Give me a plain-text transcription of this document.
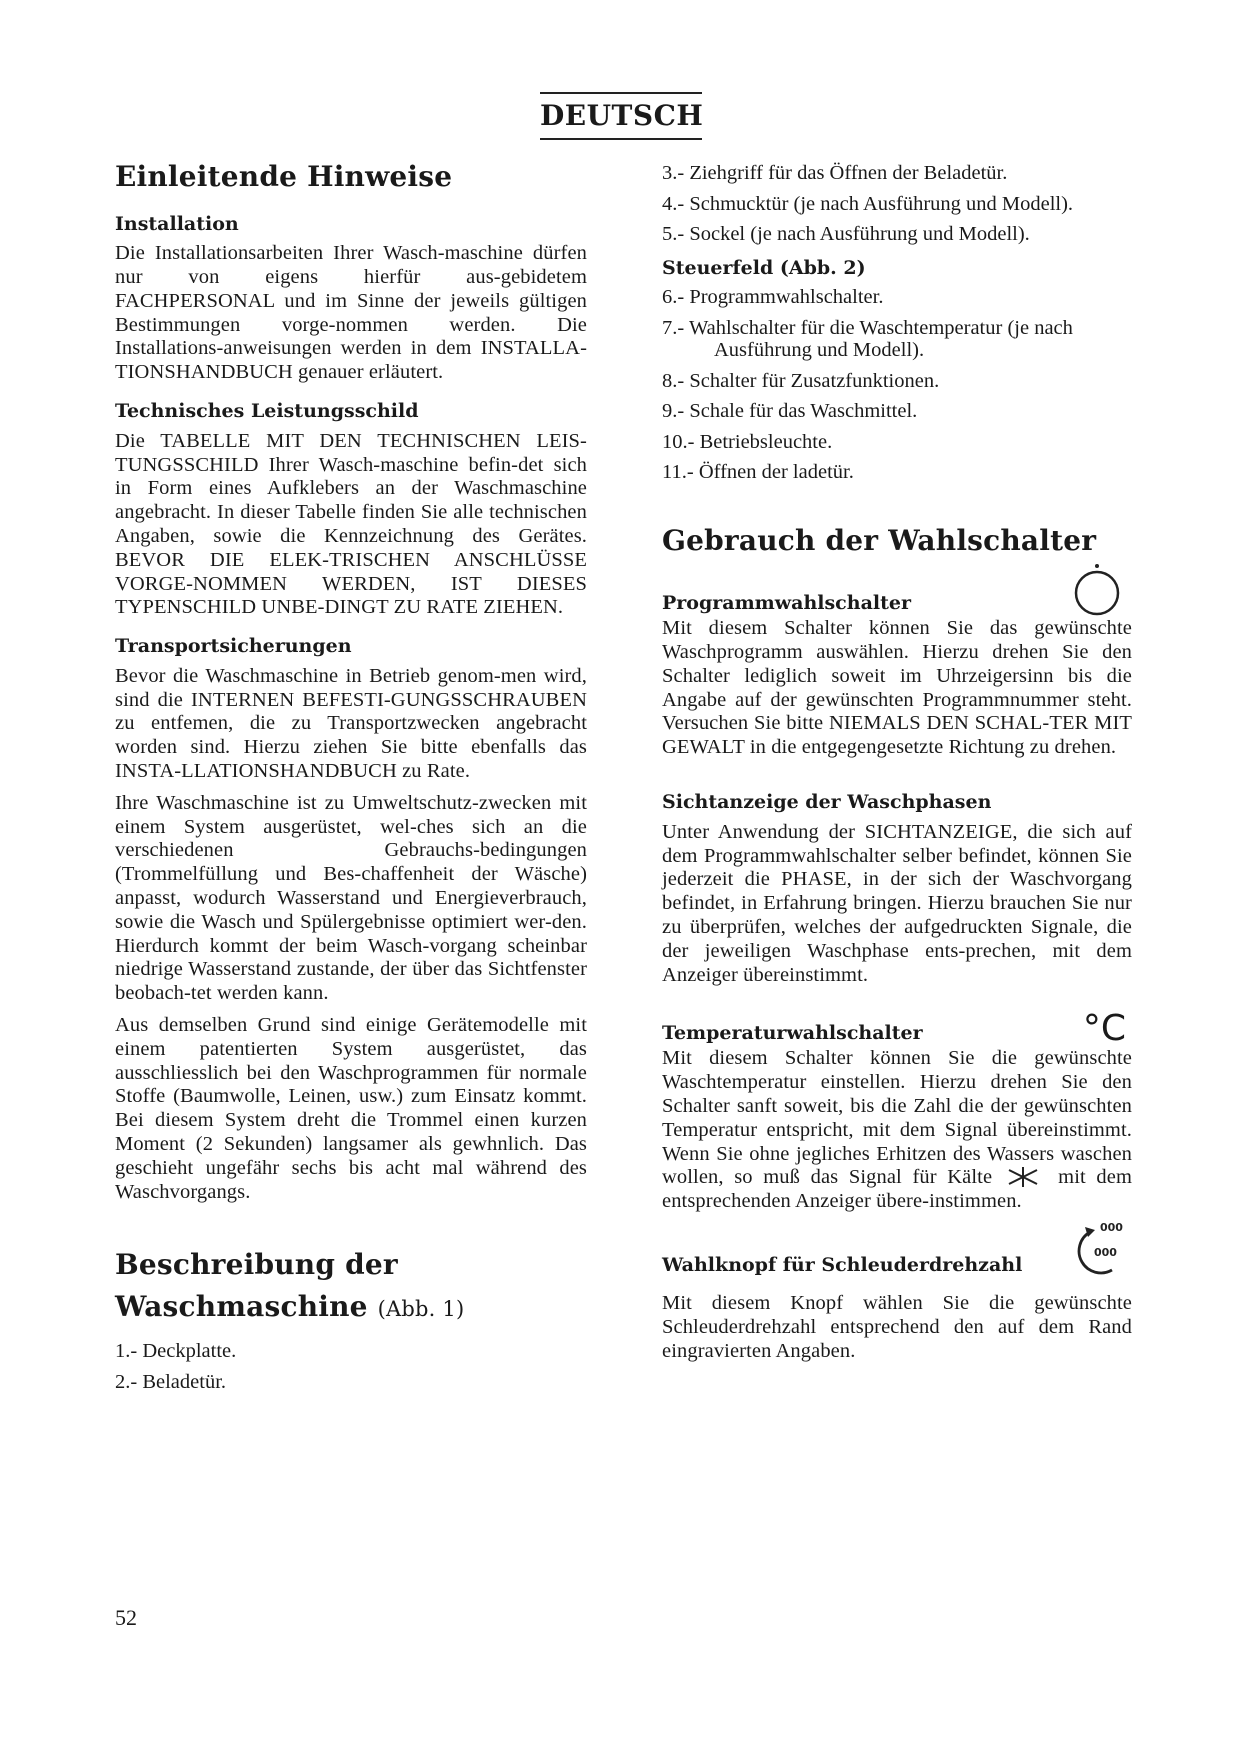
DEUTSCH
Einleitende Hinweise
Installation

Die Installationsarbeiten Ihrer Wasch-maschine dürfen nur von eigens hierfür aus-gebidetem FACHPERSONAL und im Sinne der jeweils gültigen Bestimmungen vorge-nommen werden. Die Installations-anweisungen werden in dem INSTALLA-TIONSHANDBUCH genauer erläutert.

Technisches Leistungsschild

Die TABELLE MIT DEN TECHNISCHEN LEIS-TUNGSSCHILD Ihrer Wasch-maschine befin-det sich in Form eines Aufklebers an der Waschmaschine angebracht. In dieser Tabelle finden Sie alle technischen Angaben, sowie die Kennzeichnung des Gerätes. BEVOR DIE ELEK-TRISCHEN ANSCHLÜSSE VORGE-NOMMEN WERDEN, IST DIESES TYPENSCHILD UNBE-DINGT ZU RATE ZIEHEN.

Transportsicherungen

Bevor die Waschmaschine in Betrieb genom-men wird, sind die INTERNEN BEFESTI-GUNGSSCHRAUBEN zu entfemen, die zu Transportzwecken angebracht worden sind. Hierzu ziehen Sie bitte ebenfalls das INSTA-LLATIONSHANDBUCH zu Rate.

Ihre Waschmaschine ist zu Umweltschutz-zwecken mit einem System ausgerüstet, wel-ches sich an die verschiedenen Gebrauchs-bedingungen (Trommelfüllung und Bes-chaffenheit der Wäsche) anpasst, wodurch Wasserstand und Energieverbrauch, sowie die Wasch und Spülergebnisse optimiert wer-den. Hierdurch kommt der beim Wasch-vorgang scheinbar niedrige Wasserstand zustande, der über das Sichtfenster beobach-tet werden kann.

Aus demselben Grund sind einige Gerätemodelle mit einem patentierten System ausgerüstet, das ausschliesslich bei den Waschprogrammen für normale Stoffe (Baumwolle, Leinen, usw.) zum Einsatz kommt. Bei diesem System dreht die Trommel einen kurzen Moment (2 Sekunden) langsamer als gewhnlich. Das geschieht ungefähr sechs bis acht mal während des Waschvorgangs.

Beschreibung der
Waschmaschine (Abb. 1)
1.- Deckplatte.
2.- Beladetür.
3.- Ziehgriff für das Öffnen der Beladetür.
4.- Schmucktür (je nach Ausführung und Modell).
5.- Sockel (je nach Ausführung und Modell).
Steuerfeld (Abb. 2)
6.- Programmwahlschalter.
7.- Wahlschalter für die Waschtemperatur (je nach Ausführung und Modell).
8.- Schalter für Zusatzfunktionen.
9.- Schale für das Waschmittel.
10.- Betriebsleuchte.
11.- Öffnen der ladetür.
Gebrauch der Wahlschalter
Programmwahlschalter

Mit diesem Schalter können Sie das gewünschte Waschprogramm auswählen. Hierzu drehen Sie den Schalter lediglich soweit im Uhrzeigersinn bis die Angabe auf der gewünschten Programmnummer steht. Versuchen Sie bitte NIEMALS DEN SCHAL-TER MIT GEWALT in die entgegengesetzte Richtung zu drehen.

Sichtanzeige der Waschphasen

Unter Anwendung der SICHTANZEIGE, die sich auf dem Programmwahlschalter selber befindet, können Sie jederzeit die PHASE, in der sich der Waschvorgang befindet, in Erfahrung bringen. Hierzu brauchen Sie nur zu überprüfen, welches der aufgedruckten Signale, die der jeweiligen Waschphase ents-prechen, mit dem Anzeiger übereinstimmt.

Temperaturwahlschalter	°C

Mit diesem Schalter können Sie die gewünschte Waschtemperatur einstellen. Hierzu drehen Sie den Schalter sanft soweit, bis die Zahl die der gewünschten Temperatur entspricht, mit dem Signal übereinstimmt. Wenn Sie ohne jegliches Erhitzen des Wassers waschen wollen, so muß das Signal für Kälte	mit dem entsprechenden Anzeiger übere-instimmen.

Wahlknopf für Schleuderdrehzahl
000
000

Mit diesem Knopf wählen Sie die gewünschte Schleuderdrehzahl entsprechend den auf dem Rand eingravierten Angaben.

52
